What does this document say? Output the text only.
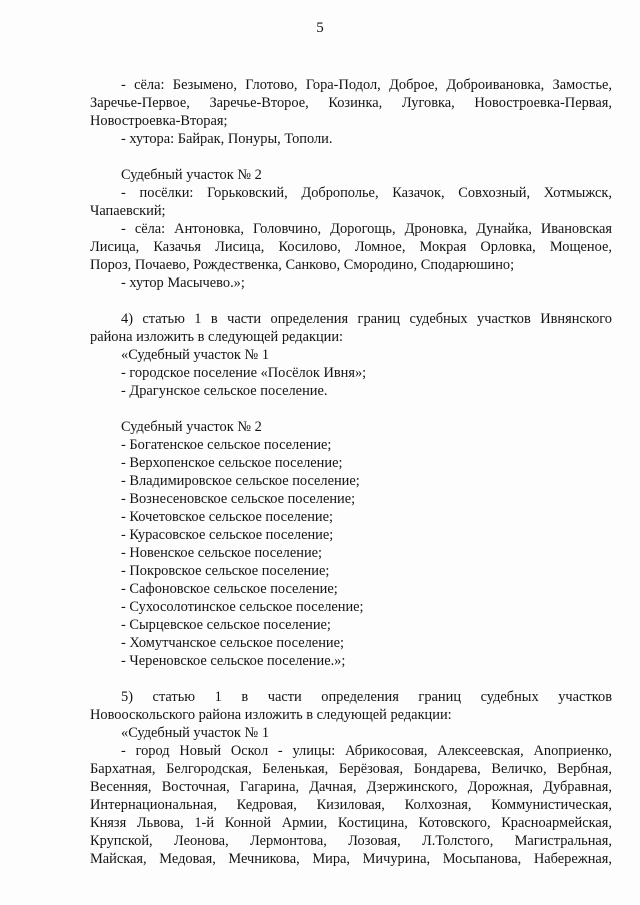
5

- сёла: Безымено, Глотово, Гора-Подол, Доброе, Доброивановка, Замостье,

Заречье-Первое, Заречье-Второе, Козинка, Луговка, Новостроевка-Первая,

Новостроевка-Вторая;

- хутора: Байрак, Понуры, Тополи.

Судебный участок № 2

- посёлки: Горьковский, Доброполье, Казачок, Совхозный, Хотмыжск,

Чапаевский;

- сёла: Антоновка, Головчино, Дорогощь, Дроновка, Дунайка, Ивановская

Лисица, Казачья Лисица, Косилово, Ломное, Мокрая Орловка, Мощеное,

Пороз, Почаево, Рождественка, Санково, Смородино, Сподарюшино;

- хутор Масычево.»;

4) статью 1 в части определения границ судебных участков Ивнянского

района изложить в следующей редакции:

«Судебный участок № 1

- городское поселение «Посёлок Ивня»;

- Драгунское сельское поселение.

Судебный участок № 2

- Богатенское сельское поселение;

- Верхопенское сельское поселение;

- Владимировское сельское поселение;

- Вознесеновское сельское поселение;

- Кочетовское сельское поселение;

- Курасовское сельское поселение;

- Новенское сельское поселение;

- Покровское сельское поселение;

- Сафоновское сельское поселение;

- Сухосолотинское сельское поселение;

- Сырцевское сельское поселение;

- Хомутчанское сельское поселение;

- Череновское сельское поселение.»;

5) статью 1 в части определения границ судебных участков

Новооскольского района изложить в следующей редакции:

«Судебный участок № 1

- город Новый Оскол - улицы: Абрикосовая, Алексеевская, Anoприенко,

Бархатная, Белгородская, Беленькая, Берёзовая, Бондарева, Величко, Вербная,

Весенняя, Восточная, Гагарина, Дачная, Дзержинского, Дорожная, Дубравная,

Интернациональная, Кедровая, Кизиловая, Колхозная, Коммунистическая,

Князя Львова, 1-й Конной Армии, Костицина, Котовского, Красноармейская,

Крупской, Леонова, Лермонтова, Лозовая, Л.Толстого, Магистральная,

Майская, Медовая, Мечникова, Мира, Мичурина, Мосьпанова, Набережная,
